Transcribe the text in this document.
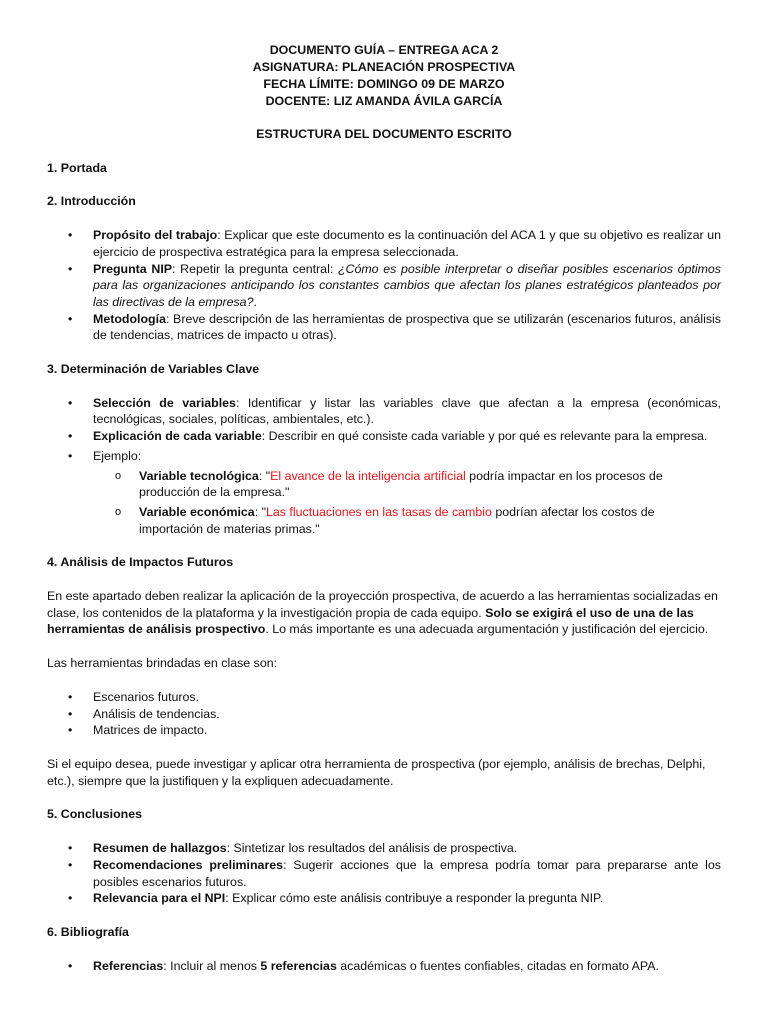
DOCUMENTO GUÍA – ENTREGA ACA 2
ASIGNATURA: PLANEACIÓN PROSPECTIVA
FECHA LÍMITE: DOMINGO 09 DE MARZO
DOCENTE: LIZ AMANDA ÁVILA GARCÍA
ESTRUCTURA DEL DOCUMENTO ESCRITO
1. Portada
2. Introducción
• Propósito del trabajo: Explicar que este documento es la continuación del ACA 1 y que su objetivo es realizar un ejercicio de prospectiva estratégica para la empresa seleccionada.
• Pregunta NIP: Repetir la pregunta central: ¿Cómo es posible interpretar o diseñar posibles escenarios óptimos para las organizaciones anticipando los constantes cambios que afectan los planes estratégicos planteados por las directivas de la empresa?.
• Metodología: Breve descripción de las herramientas de prospectiva que se utilizarán (escenarios futuros, análisis de tendencias, matrices de impacto u otras).
3. Determinación de Variables Clave
• Selección de variables: Identificar y listar las variables clave que afectan a la empresa (económicas, tecnológicas, sociales, políticas, ambientales, etc.).
• Explicación de cada variable: Describir en qué consiste cada variable y por qué es relevante para la empresa.
• Ejemplo:
o Variable tecnológica: "El avance de la inteligencia artificial podría impactar en los procesos de producción de la empresa."
o Variable económica: "Las fluctuaciones en las tasas de cambio podrían afectar los costos de importación de materias primas."
4. Análisis de Impactos Futuros
En este apartado deben realizar la aplicación de la proyección prospectiva, de acuerdo a las herramientas socializadas en clase, los contenidos de la plataforma y la investigación propia de cada equipo. Solo se exigirá el uso de una de las herramientas de análisis prospectivo. Lo más importante es una adecuada argumentación y justificación del ejercicio.
Las herramientas brindadas en clase son:
• Escenarios futuros.
• Análisis de tendencias.
• Matrices de impacto.
Si el equipo desea, puede investigar y aplicar otra herramienta de prospectiva (por ejemplo, análisis de brechas, Delphi, etc.), siempre que la justifiquen y la expliquen adecuadamente.
5. Conclusiones
• Resumen de hallazgos: Sintetizar los resultados del análisis de prospectiva.
• Recomendaciones preliminares: Sugerir acciones que la empresa podría tomar para prepararse ante los posibles escenarios futuros.
• Relevancia para el NPI: Explicar cómo este análisis contribuye a responder la pregunta NIP.
6. Bibliografía
• Referencias: Incluir al menos 5 referencias académicas o fuentes confiables, citadas en formato APA.
